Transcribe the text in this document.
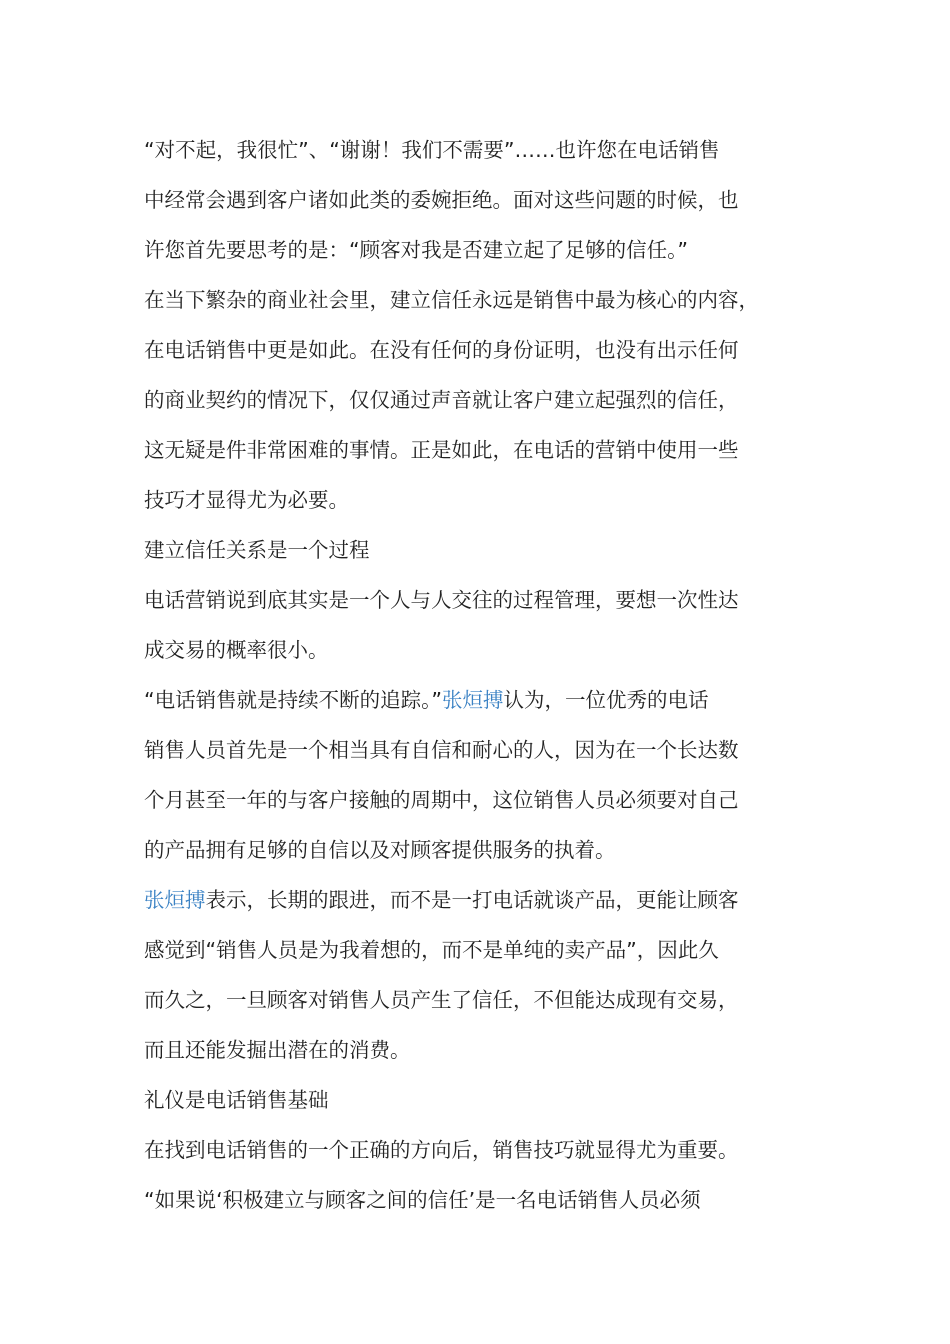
“对不起，我很忙”、“谢谢！我们不需要”……也许您在电话销售
中经常会遇到客户诸如此类的委婉拒绝。面对这些问题的时候，也
许您首先要思考的是：“顾客对我是否建立起了足够的信任。”
在当下繁杂的商业社会里，建立信任永远是销售中最为核心的内容，
在电话销售中更是如此。在没有任何的身份证明，也没有出示任何
的商业契约的情况下，仅仅通过声音就让客户建立起强烈的信任，
这无疑是件非常困难的事情。正是如此，在电话的营销中使用一些
技巧才显得尤为必要。
建立信任关系是一个过程
电话营销说到底其实是一个人与人交往的过程管理，要想一次性达
成交易的概率很小。
“电话销售就是持续不断的追踪。”张烜搏认为，一位优秀的电话
销售人员首先是一个相当具有自信和耐心的人，因为在一个长达数
个月甚至一年的与客户接触的周期中，这位销售人员必须要对自己
的产品拥有足够的自信以及对顾客提供服务的执着。
张烜搏表示，长期的跟进，而不是一打电话就谈产品，更能让顾客
感觉到“销售人员是为我着想的，而不是单纯的卖产品”，因此久
而久之，一旦顾客对销售人员产生了信任，不但能达成现有交易，
而且还能发掘出潜在的消费。
礼仪是电话销售基础
在找到电话销售的一个正确的方向后，销售技巧就显得尤为重要。
“如果说‘积极建立与顾客之间的信任’是一名电话销售人员必须
